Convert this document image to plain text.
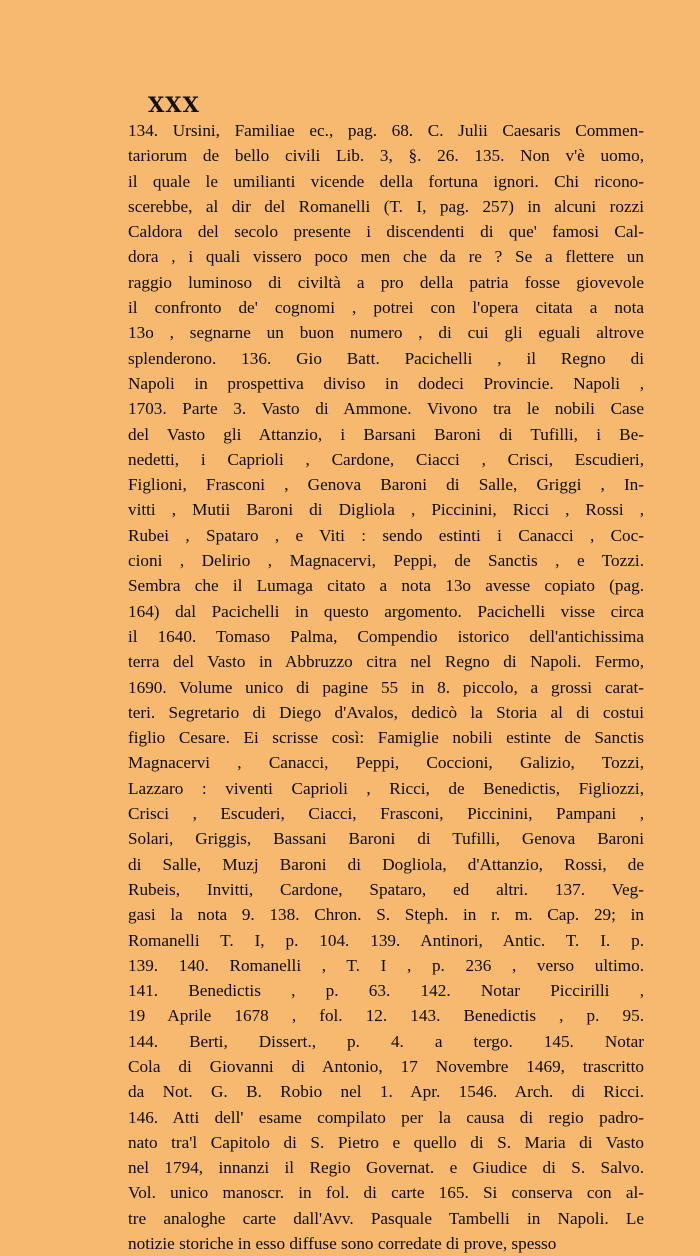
XXX
134. Ursini, Familiae ec., pag. 68. C. Julii Caesaris Commen-
tariorum de bello civili Lib. 3, §. 26. 135. Non v'è uomo,
il quale le umilianti vicende della fortuna ignori. Chi ricono-
scerebbe, al dir del Romanelli (T. I, pag. 257) in alcuni rozzi
Caldora del secolo presente i discendenti di que' famosi Cal-
dora , i quali vissero poco men che da re ? Se a flettere un
raggio luminoso di civiltà a pro della patria fosse giovevole
il confronto de' cognomi , potrei con l'opera citata a nota
13o , segnarne un buon numero , di cui gli eguali altrove
splenderono. 136. Gio Batt. Pacichelli , il Regno di
Napoli in prospettiva diviso in dodeci Provincie. Napoli ,
1703. Parte 3. Vasto di Ammone. Vivono tra le nobili Case
del Vasto gli Attanzio, i Barsani Baroni di Tufilli, i Be-
nedetti, i Caprioli , Cardone, Ciacci , Crisci, Escudieri,
Figlioni, Frasconi , Genova Baroni di Salle, Griggi , In-
vitti , Mutii Baroni di Digliola , Piccinini, Ricci , Rossi ,
Rubei , Spataro , e Viti : sendo estinti i Canacci , Coc-
cioni , Delirio , Magnacervi, Peppi, de Sanctis , e Tozzi.
Sembra che il Lumaga citato a nota 13o avesse copiato (pag.
164) dal Pacichelli in questo argomento. Pacichelli visse circa
il 1640. Tomaso Palma, Compendio istorico dell'antichissima
terra del Vasto in Abbruzzo citra nel Regno di Napoli. Fermo,
1690. Volume unico di pagine 55 in 8. piccolo, a grossi carat-
teri. Segretario di Diego d'Avalos, dedicò la Storia al di costui
figlio Cesare. Ei scrisse così: Famiglie nobili estinte de Sanctis
Magnacervi , Canacci, Peppi, Coccioni, Galizio, Tozzi,
Lazzaro : viventi Caprioli , Ricci, de Benedictis, Figliozzi,
Crisci , Escuderi, Ciacci, Frasconi, Piccinini, Pampani ,
Solari, Griggis, Bassani Baroni di Tufilli, Genova Baroni
di Salle, Muzj Baroni di Dogliola, d'Attanzio, Rossi, de
Rubeis, Invitti, Cardone, Spataro, ed altri. 137. Veg-
gasi la nota 9. 138. Chron. S. Steph. in r. m. Cap. 29; in
Romanelli T. I, p. 104. 139. Antinori, Antic. T. I. p.
139. 140. Romanelli , T. I , p. 236 , verso ultimo.
141. Benedictis , p. 63. 142. Notar Piccirilli ,
19 Aprile 1678 , fol. 12. 143. Benedictis , p. 95.
144. Berti, Dissert., p. 4. a tergo. 145. Notar
Cola di Giovanni di Antonio, 17 Novembre 1469, trascritto
da Not. G. B. Robio nel 1. Apr. 1546. Arch. di Ricci.
146. Atti dell' esame compilato per la causa di regio padro-
nato tra'l Capitolo di S. Pietro e quello di S. Maria di Vasto
nel 1794, innanzi il Regio Governat. e Giudice di S. Salvo.
Vol. unico manoscr. in fol. di carte 165. Si conserva con al-
tre analoghe carte dall'Avv. Pasquale Tambelli in Napoli. Le
notizie storiche in esso diffuse sono corredate di prove, spesso
